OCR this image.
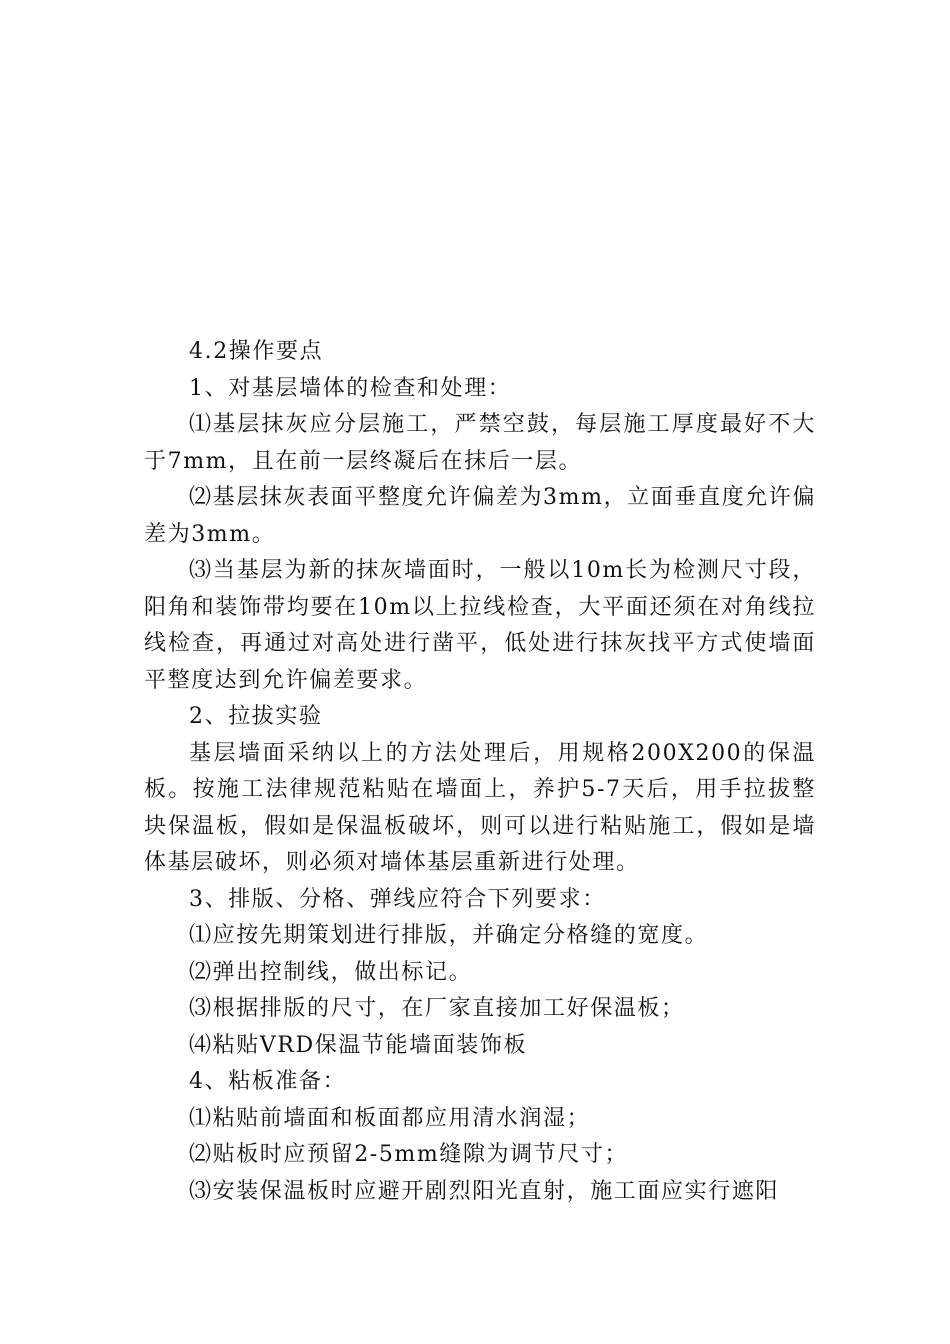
4.2操作要点

1、对基层墙体的检查和处理：

⑴基层抹灰应分层施工，严禁空鼓，每层施工厚度最好不大于7mm，且在前一层终凝后在抹后一层。

⑵基层抹灰表面平整度允许偏差为3mm，立面垂直度允许偏差为3mm。

⑶当基层为新的抹灰墙面时，一般以10m长为检测尺寸段，阳角和装饰带均要在10m以上拉线检查，大平面还须在对角线拉线检查，再通过对高处进行凿平，低处进行抹灰找平方式使墙面平整度达到允许偏差要求。

2、拉拔实验

基层墙面采纳以上的方法处理后，用规格200X200的保温板。按施工法律规范粘贴在墙面上，养护5-7天后，用手拉拔整块保温板，假如是保温板破坏，则可以进行粘贴施工，假如是墙体基层破坏，则必须对墙体基层重新进行处理。

3、排版、分格、弹线应符合下列要求：

⑴应按先期策划进行排版，并确定分格缝的宽度。

⑵弹出控制线，做出标记。

⑶根据排版的尺寸，在厂家直接加工好保温板；

⑷粘贴VRD保温节能墙面装饰板

4、粘板准备：

⑴粘贴前墙面和板面都应用清水润湿；

⑵贴板时应预留2-5mm缝隙为调节尺寸；

⑶安装保温板时应避开剧烈阳光直射，施工面应实行遮阳
